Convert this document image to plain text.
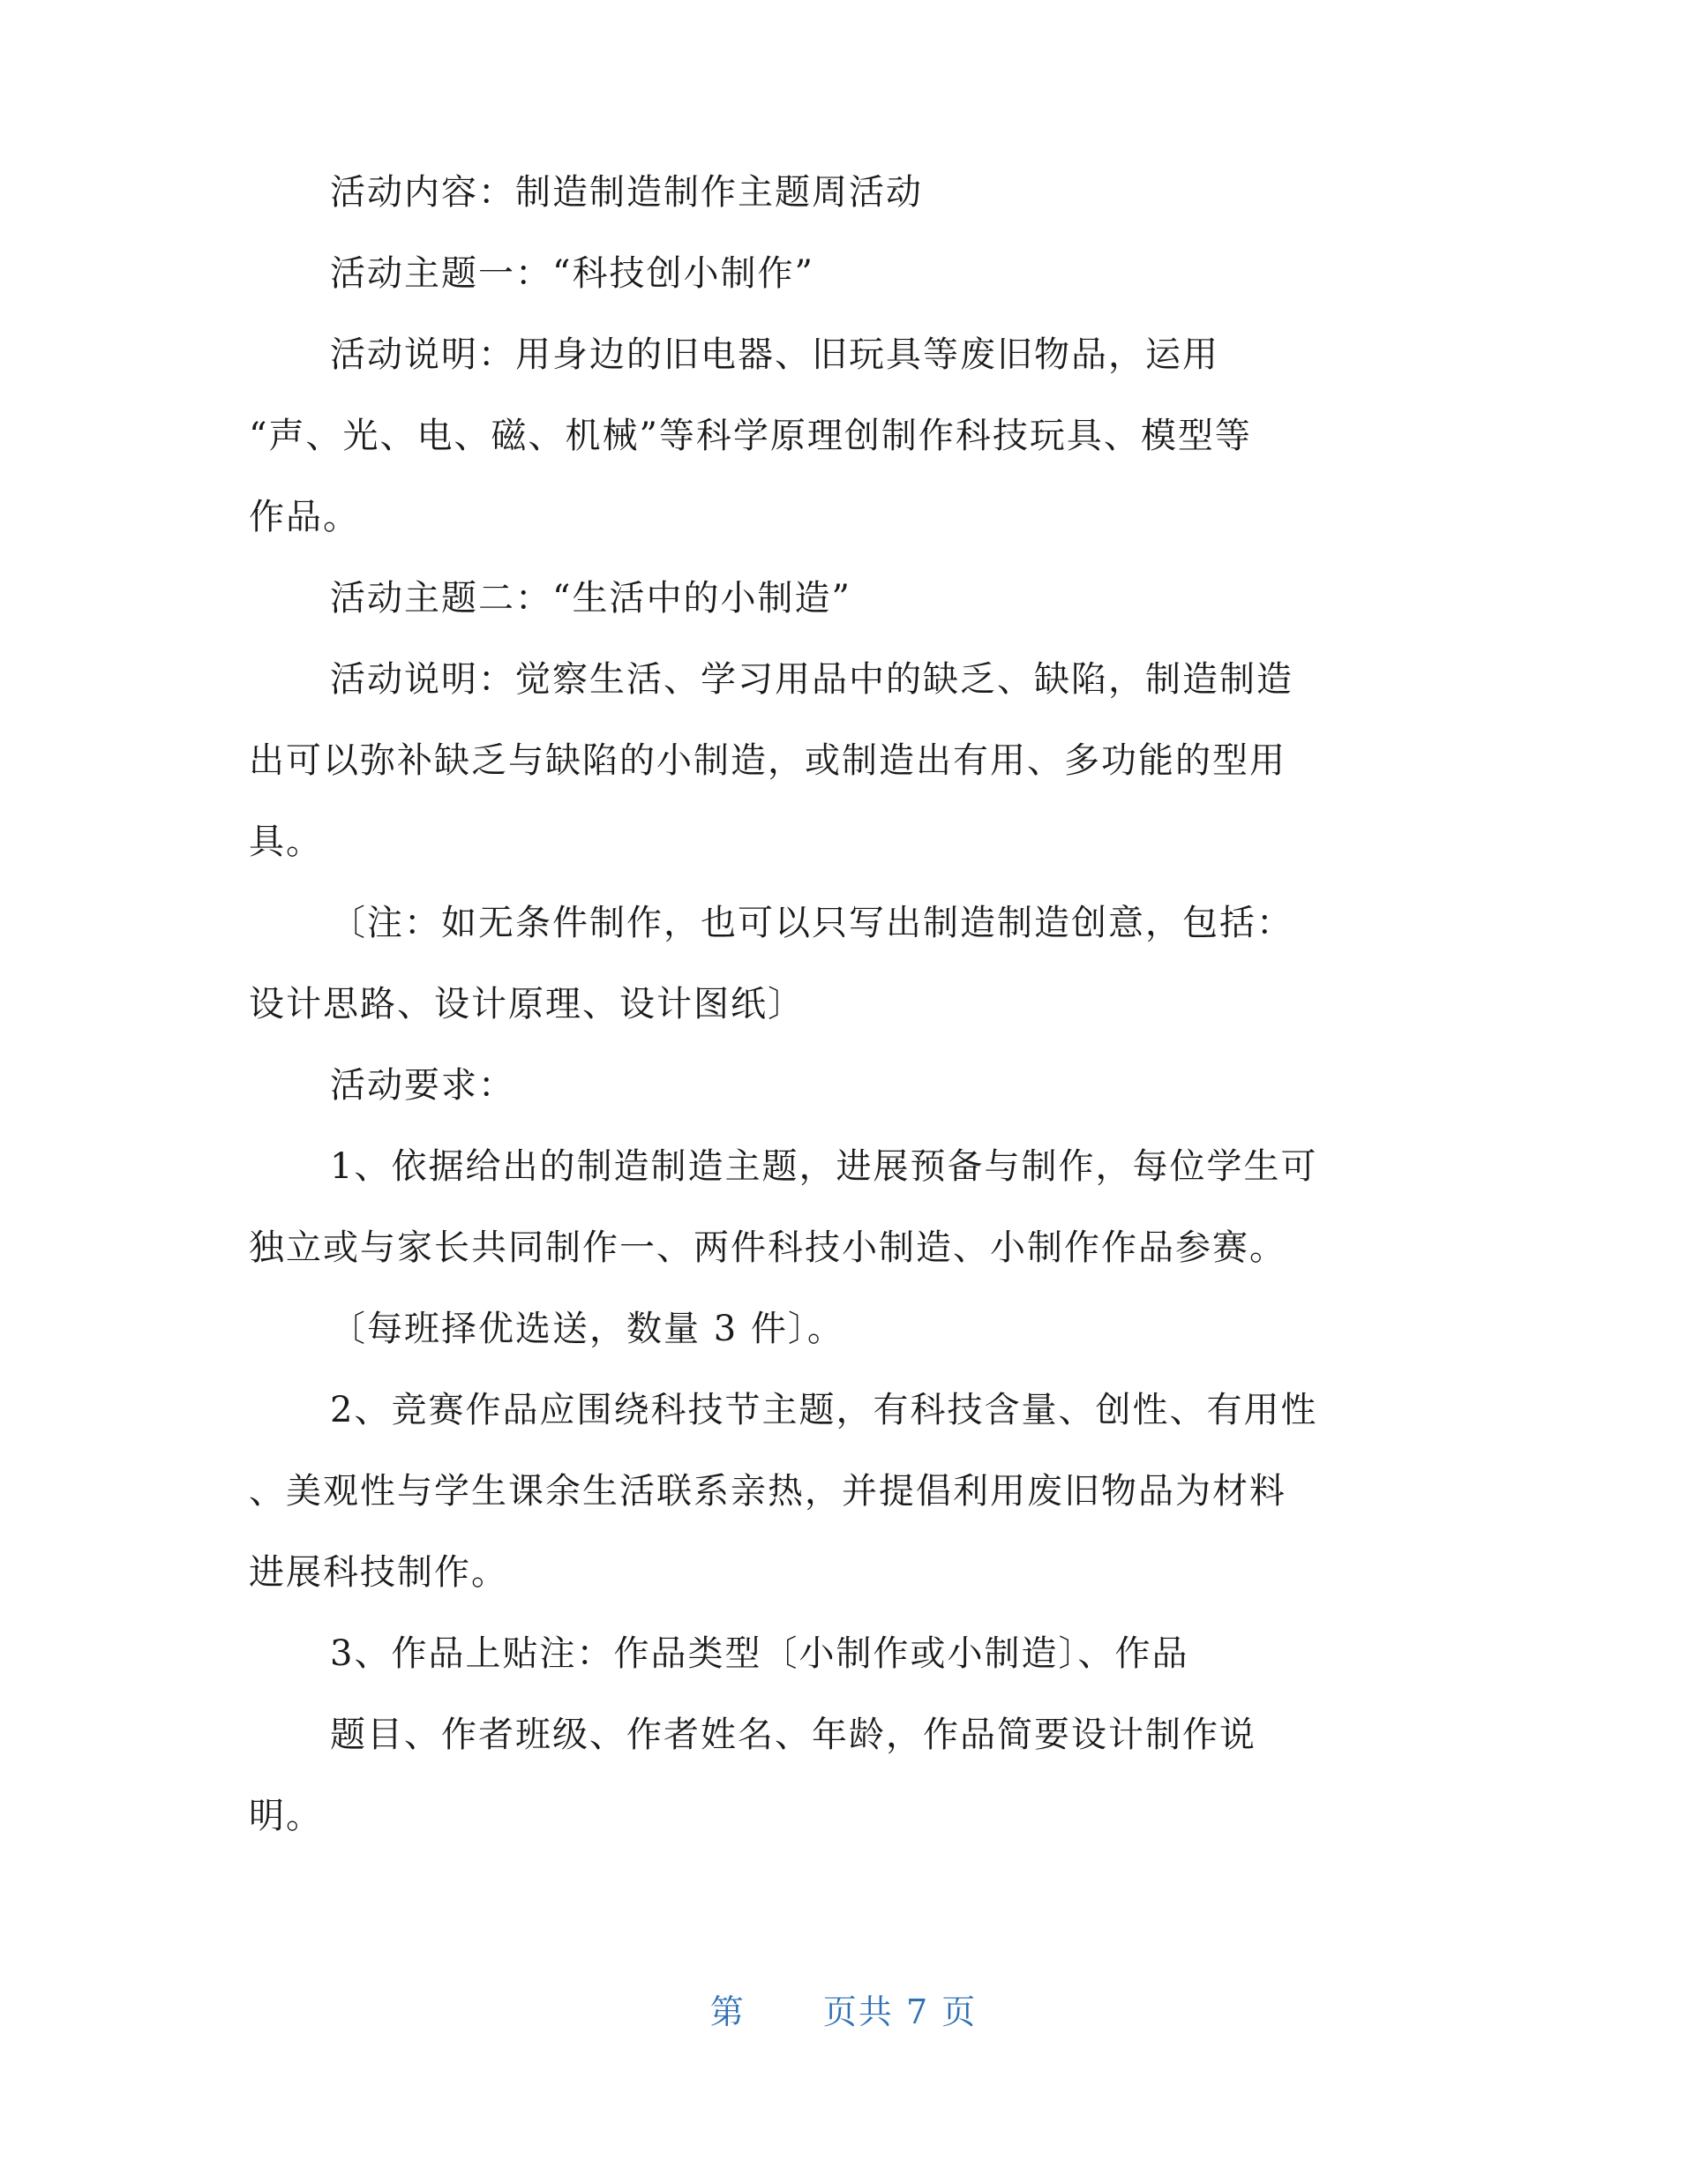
活动内容：制造制造制作主题周活动
活动主题一：“科技创小制作”
活动说明：用身边的旧电器、旧玩具等废旧物品，运用
“声、光、电、磁、机械”等科学原理创制作科技玩具、模型等
作品。
活动主题二：“生活中的小制造”
活动说明：觉察生活、学习用品中的缺乏、缺陷，制造制造
出可以弥补缺乏与缺陷的小制造，或制造出有用、多功能的型用
具。
〔注：如无条件制作，也可以只写出制造制造创意，包括：
设计思路、设计原理、设计图纸〕
活动要求：
1、依据给出的制造制造主题，进展预备与制作，每位学生可
独立或与家长共同制作一、两件科技小制造、小制作作品参赛。
〔每班择优选送，数量 3 件〕。
2、竞赛作品应围绕科技节主题，有科技含量、创性、有用性
、美观性与学生课余生活联系亲热，并提倡利用废旧物品为材料
进展科技制作。
3、作品上贴注：作品类型〔小制作或小制造〕、作品
题目、作者班级、作者姓名、年龄，作品简要设计制作说
明。
第 页共 7 页
